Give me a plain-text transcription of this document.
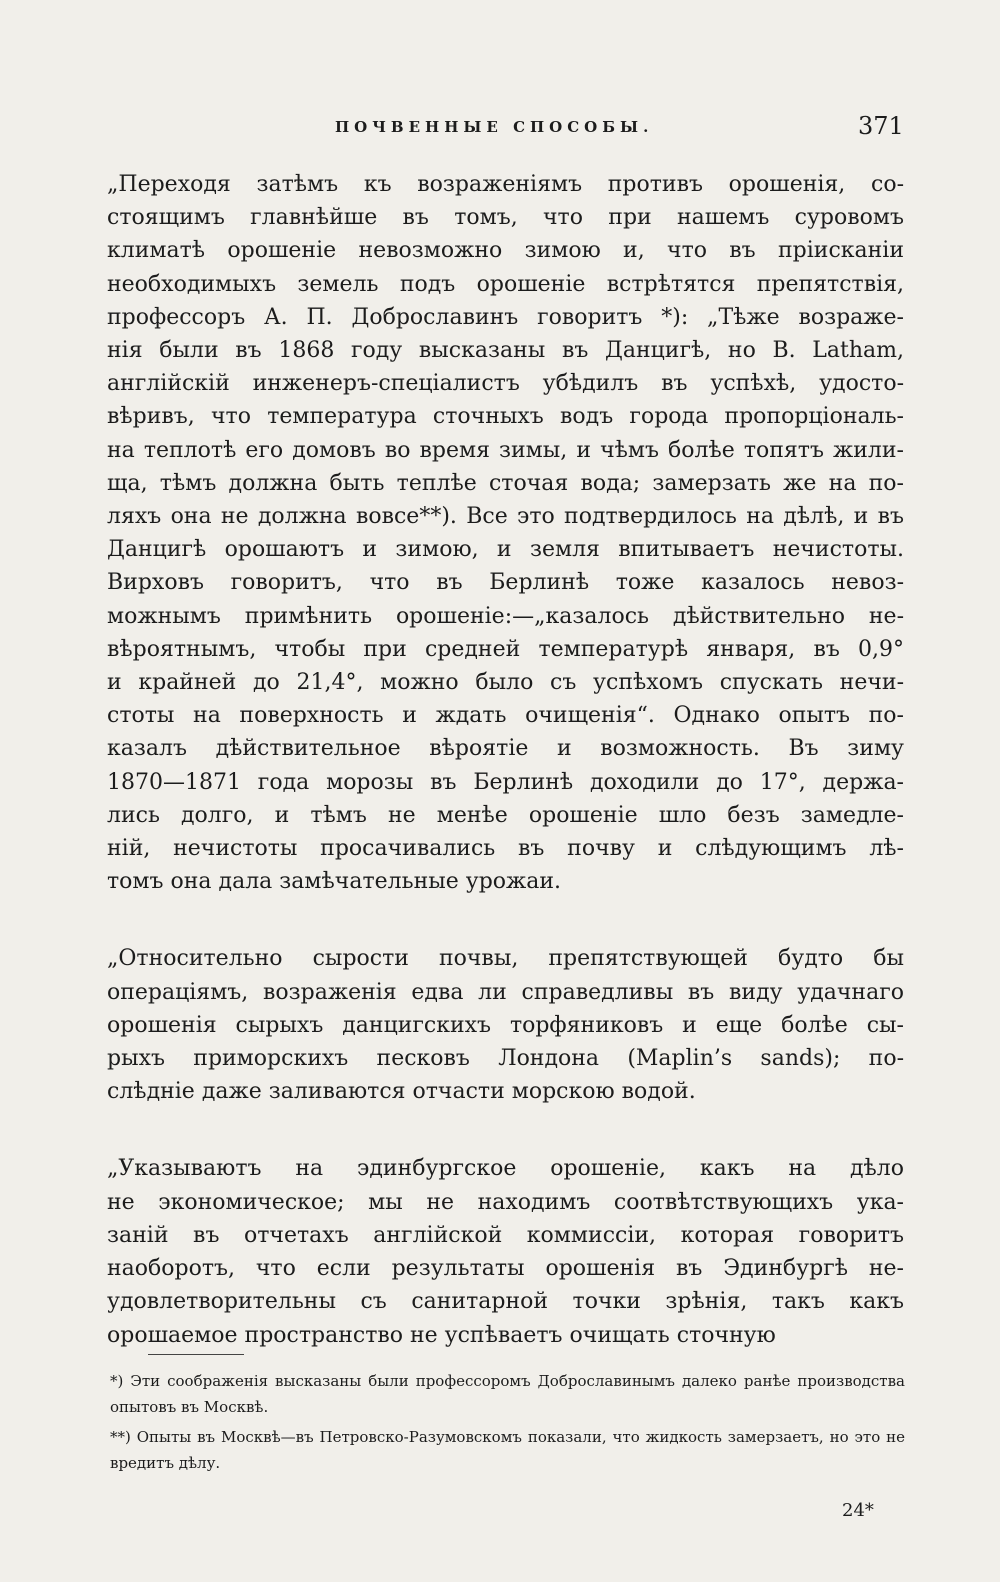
ПОЧВЕННЫЕ СПОСОБЫ.	371
„Переходя затѣмъ къ возраженіямъ противъ орошенія, со-
стоящимъ главнѣйше въ томъ, что при нашемъ суровомъ
климатѣ орошеніе невозможно зимою и, что въ пріисканіи
необходимыхъ земель подъ орошеніе встрѣтятся препятствія,
профессоръ А. П. Доброславинъ говоритъ *): „Тѣже возраже-
нія были въ 1868 году высказаны въ Данцигѣ, но B. Latham,
англійскій инженеръ-спеціалистъ убѣдилъ въ успѣхѣ, удосто-
вѣривъ, что температура сточныхъ водъ города пропорціональ-
на теплотѣ его домовъ во время зимы, и чѣмъ болѣе топятъ жили-
ща, тѣмъ должна быть теплѣе сточая вода; замерзать же на по-
ляхъ она не должна вовсе**). Все это подтвердилось на дѣлѣ, и въ
Данцигѣ орошаютъ и зимою, и земля впитываетъ нечистоты.
Вирховъ говоритъ, что въ Берлинѣ тоже казалось невоз-
можнымъ примѣнить орошеніе:—„казалось дѣйствительно не-
вѣроятнымъ, чтобы при средней температурѣ января, въ 0,9°
и крайней до 21,4°, можно было съ успѣхомъ спускать нечи-
стоты на поверхность и ждать очищенія“. Однако опытъ по-
казалъ дѣйствительное вѣроятіе и возможность. Въ зиму
1870—1871 года морозы въ Берлинѣ доходили до 17°, держа-
лись долго, и тѣмъ не менѣе орошеніе шло безъ замедле-
ній, нечистоты просачивались въ почву и слѣдующимъ лѣ-
томъ она дала замѣчательные урожаи.
„Относительно сырости почвы, препятствующей будто бы
операціямъ, возраженія едва ли справедливы въ виду удачнаго
орошенія сырыхъ данцигскихъ торфяниковъ и еще болѣе сы-
рыхъ приморскихъ песковъ Лондона (Maplin’s sands); по-
слѣдніе даже заливаются отчасти морскою водой.
„Указываютъ на эдинбургское орошеніе, какъ на дѣло
не экономическое; мы не находимъ соотвѣтствующихъ ука-
заній въ отчетахъ англійской коммиссіи, которая говоритъ
наоборотъ, что если результаты орошенія въ Эдинбургѣ не-
удовлетворительны съ санитарной точки зрѣнія, такъ какъ
орошаемое пространство не успѣваетъ очищать сточную

*) Эти соображенія высказаны были профессоромъ Доброславинымъ далеко ранѣе производства опытовъ въ Москвѣ.

**) Опыты въ Москвѣ—въ Петровско-Разумовскомъ показали, что жидкость замерзаетъ, но это не вредитъ дѣлу.

24*
